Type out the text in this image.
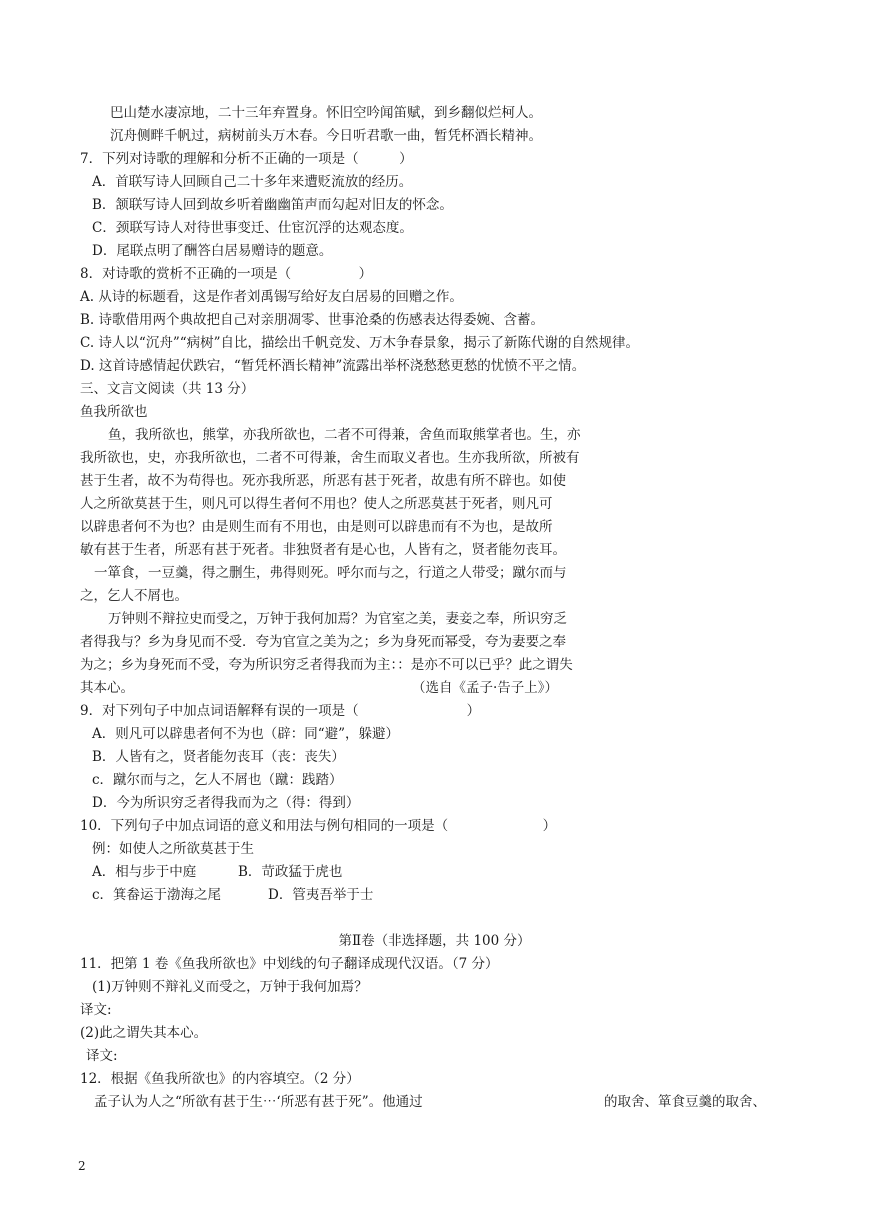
巴山楚水凄凉地，二十三年弃置身。怀旧空吟闻笛赋，到乡翻似烂柯人。
沉舟侧畔千帆过，病树前头万木春。今日听君歌一曲，暂凭杯酒长精神。
7．下列对诗歌的理解和分析不正确的一项是（　　　）
A．首联写诗人回顾自己二十多年来遭贬流放的经历。
B．颔联写诗人回到故乡听着幽幽笛声而勾起对旧友的怀念。
C．颈联写诗人对待世事变迁、仕宦沉浮的达观态度。
D．尾联点明了酬答白居易赠诗的题意。
8．对诗歌的赏析不正确的一项是（　　　　　）
A. 从诗的标题看，这是作者刘禹锡写给好友白居易的回赠之作。
B. 诗歌借用两个典故把自己对亲朋凋零、世事沧桑的伤感表达得委婉、含蓄。
C. 诗人以“沉舟”“病树”自比，描绘出千帆竞发、万木争春景象，揭示了新陈代谢的自然规律。
D. 这首诗感情起伏跌宕，“暂凭杯酒长精神”流露出举杯浇愁愁更愁的忧愤不平之情。
三、文言文阅读（共 13 分）
鱼我所欲也
鱼，我所欲也，熊掌，亦我所欲也，二者不可得兼，舍鱼而取熊掌者也。生，亦
我所欲也，史，亦我所欲也，二者不可得兼，舍生而取义者也。生亦我所欲，所被有
甚于生者，故不为苟得也。死亦我所恶，所恶有甚于死者，故患有所不辟也。如使
人之所欲莫甚于生，则凡可以得生者何不用也？使人之所恶莫甚于死者，则凡可
以辟患者何不为也？由是则生而有不用也，由是则可以辟患而有不为也，是故所
敏有甚于生者，所恶有甚于死者。非独贤者有是心也，人皆有之，贤者能勿丧耳。
一箪食，一豆羹，得之删生，弗得则死。呼尔而与之，行道之人带受；蹴尔而与
之，乞人不屑也。
万钟则不辩拉史而受之，万钟于我何加焉？为官室之美，妻妾之奉，所识穷乏
者得我与？乡为身见而不受．夸为官宣之美为之；乡为身死而幂受，夸为妻要之奉
为之；乡为身死而不受，夸为所识穷乏者得我而为主：：是亦不可以已乎？此之谓失
其本心。	（选自《孟子·告子上》）
9．对下列句子中加点词语解释有误的一项是（　　　　　　　　）
A．则凡可以辟患者何不为也（辟：同“避”，躲避）
B．人皆有之，贤者能勿丧耳（丧：丧失）
c．蹴尔而与之，乞人不屑也（蹴：践踏）
D．今为所识穷乏者得我而为之（得：得到）
10．下列句子中加点词语的意义和用法与例句相同的一项是（　　　　　　　）
例：如使人之所欲莫甚于生
A．相与步于中庭	B．苛政猛于虎也
c．箕畚运于渤海之尾	D．管夷吾举于士
第Ⅱ卷（非选择题，共 100 分）
11．把第 1 卷《鱼我所欲也》中划线的句子翻译成现代汉语。（7 分）
(1)万钟则不辩礼义而受之，万钟于我何加焉？
译文:
(2)此之谓失其本心。
译文:
12．根据《鱼我所欲也》的内容填空。（2 分）
孟子认为人之“所欲有甚于生⋯‘所恶有甚于死”。他通过	的取舍、箪食豆羹的取舍、
2
